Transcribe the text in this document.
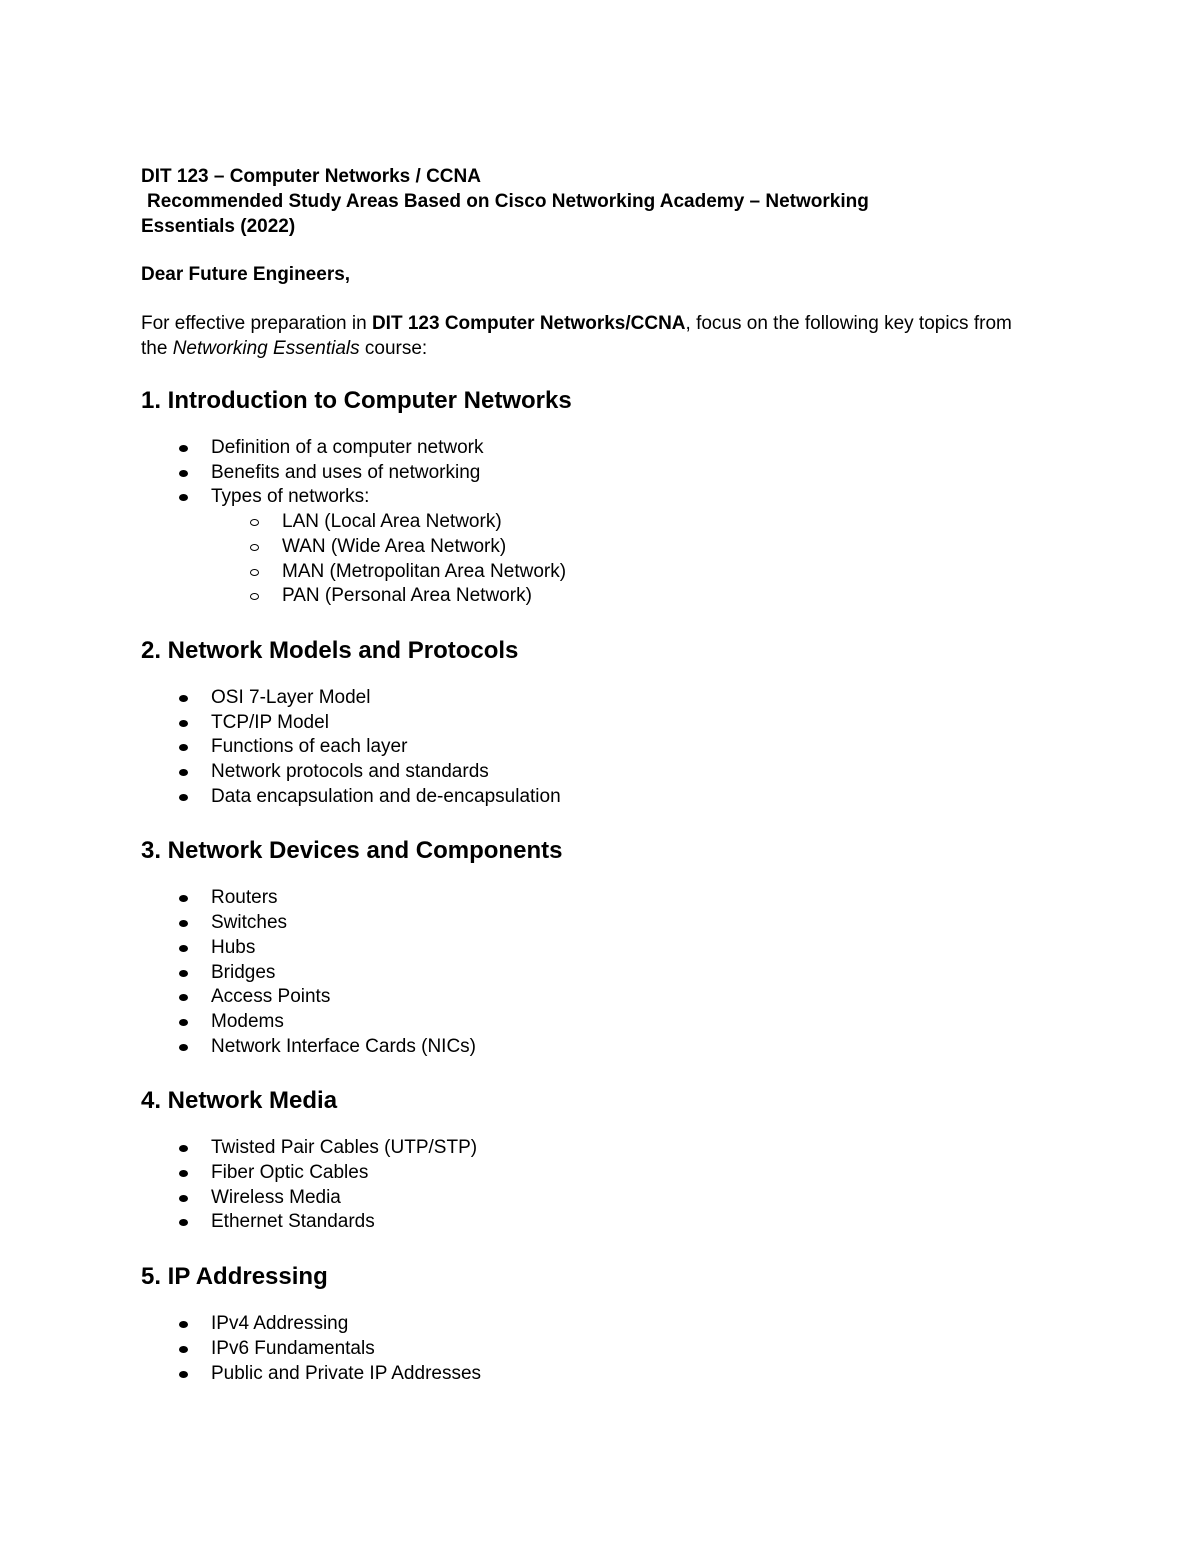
DIT 123 – Computer Networks / CCNA

Recommended Study Areas Based on Cisco Networking Academy – Networking

Essentials (2022)

Dear Future Engineers,

For effective preparation in DIT 123 Computer Networks/CCNA, focus on the following key topics from the Networking Essentials course:

1. Introduction to Computer Networks
Definition of a computer network
Benefits and uses of networking
Types of networks:
LAN (Local Area Network)
WAN (Wide Area Network)
MAN (Metropolitan Area Network)
PAN (Personal Area Network)
2. Network Models and Protocols
OSI 7-Layer Model
TCP/IP Model
Functions of each layer
Network protocols and standards
Data encapsulation and de-encapsulation
3. Network Devices and Components
Routers
Switches
Hubs
Bridges
Access Points
Modems
Network Interface Cards (NICs)
4. Network Media
Twisted Pair Cables (UTP/STP)
Fiber Optic Cables
Wireless Media
Ethernet Standards
5. IP Addressing
IPv4 Addressing
IPv6 Fundamentals
Public and Private IP Addresses
